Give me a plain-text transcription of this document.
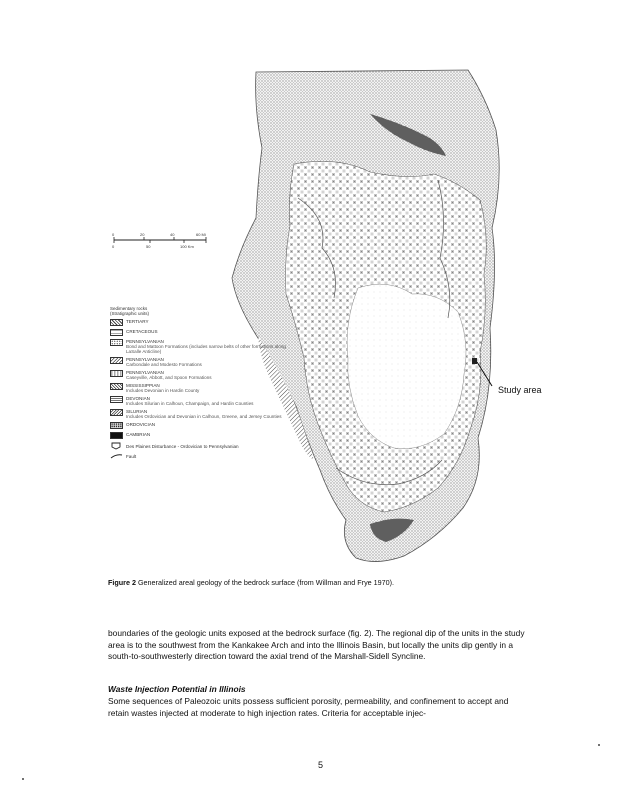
0	20	40	60 Mi
0	50	100 Km
Sedimentary rocks
(Stratigraphic units)
TERTIARY
CRETACEOUS
PENNSYLVANIAN
Bond and Mattoon Formations (includes narrow belts of other formations along LaSalle Anticline)
PENNSYLVANIAN
Carbondale and Modesto Formations
PENNSYLVANIAN
Caseyville, Abbott, and Spoon Formations
MISSISSIPPIAN
Includes Devonian in Hardin County
DEVONIAN
Includes Silurian in Calhoun, Champaign, and Hardin Counties
SILURIAN
Includes Ordovician and Devonian in Calhoun, Greene, and Jersey Counties
ORDOVICIAN
CAMBRIAN
Des Plaines Disturbance - Ordovician to Pennsylvanian
Fault
Study area
Figure 2 Generalized areal geology of the bedrock surface (from Willman and Frye 1970).

boundaries of the geologic units exposed at the bedrock surface (fig. 2). The regional dip of the units in the study area is to the southwest from the Kankakee Arch and into the Illinois Basin, but locally the units dip gently in a south-to-southwesterly direction toward the axial trend of the Marshall-Sidell Syncline.

Waste Injection Potential in Illinois

Some sequences of Paleozoic units possess sufficient porosity, permeability, and confinement to accept and retain wastes injected at moderate to high injection rates. Criteria for acceptable injec-

5
